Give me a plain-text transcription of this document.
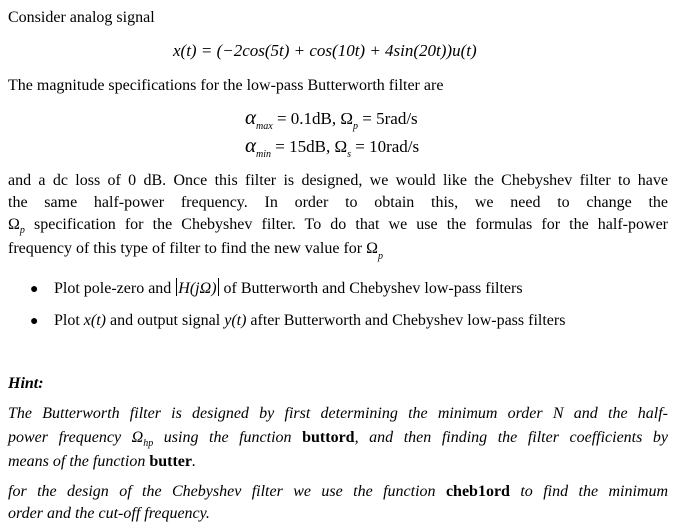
Consider analog signal
x(t) = (−2cos(5t) + cos(10t) + 4sin(20t))u(t)
The magnitude specifications for the low-pass Butterworth filter are
$\alpha_{max} = 0.1dB$, $\Omega_p = 5rad/s$
$\alpha_{min} = 15dB$, $\Omega_s = 10rad/s$
and a dc loss of 0 dB. Once this filter is designed, we would like the Chebyshev filter to have
the same half-power frequency. In order to obtain this, we need to change the
$\Omega_p$ specification for the Chebyshev filter. To do that we use the formulas for the half-power
frequency of this type of filter to find the new value for $\Omega_p$
● Plot pole-zero and H(jΩ) of Butterworth and Chebyshev low-pass filters
● Plot x(t) and output signal y(t) after Butterworth and Chebyshev low-pass filters
Hint:
The Butterworth filter is designed by first determining the minimum order N and the half-
power frequency $\Omega_{hp}$ using the function buttord, and then finding the filter coefficients by
means of the function butter.
for the design of the Chebyshev filter we use the function cheb1ord to find the minimum
order and the cut-off frequency.
